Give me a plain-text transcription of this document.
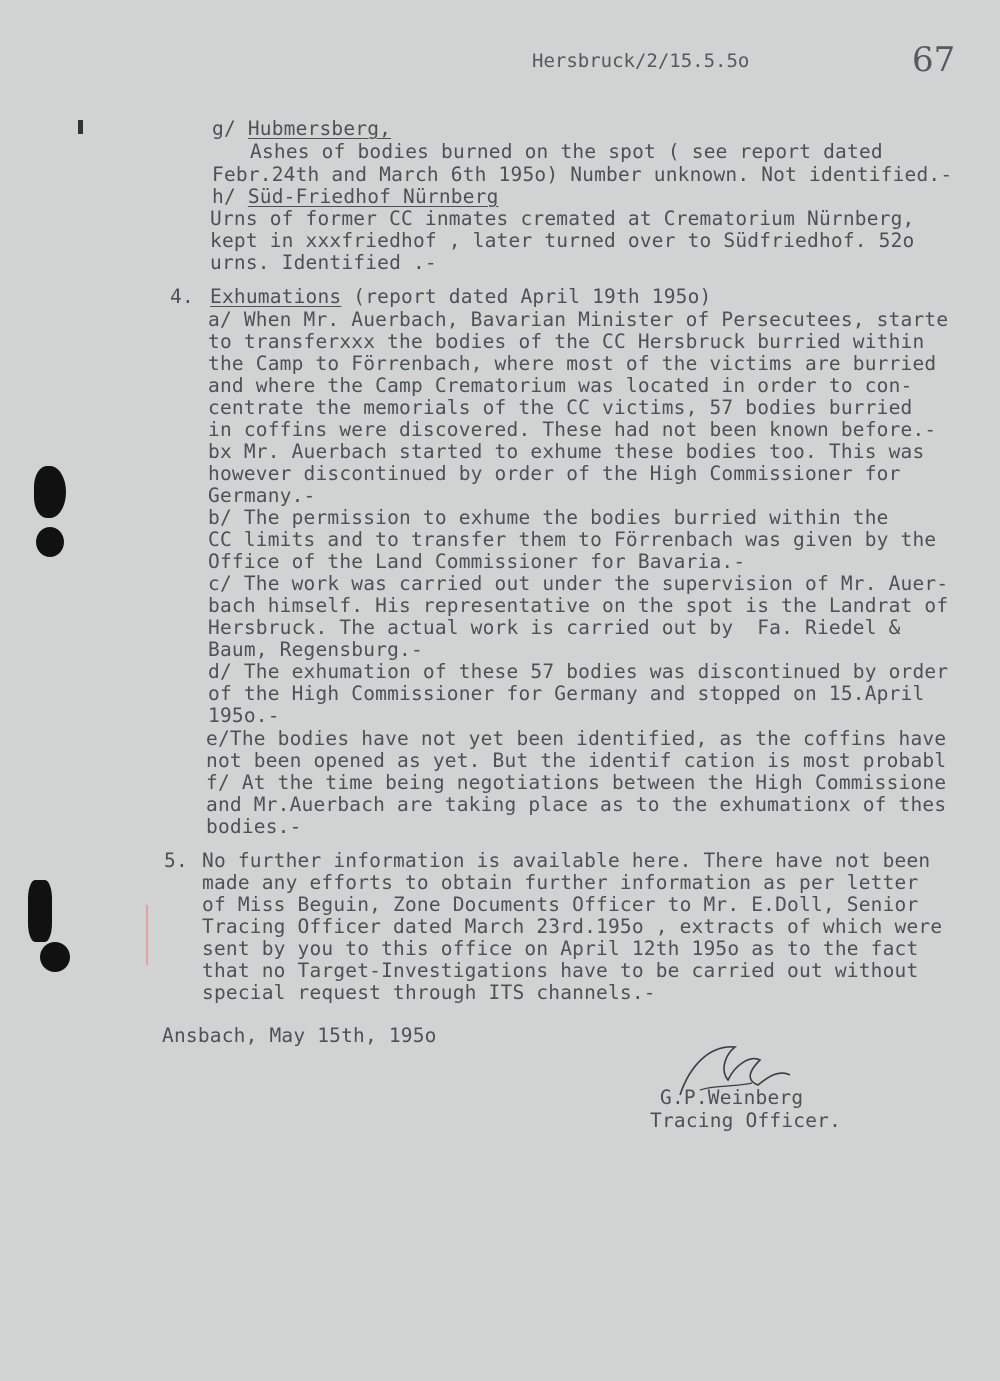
Hersbruck/2/15.5.5o	67
g/ Hubmersberg,
Ashes of bodies burned on the spot ( see report dated
Febr.24th and March 6th 195o) Number unknown. Not identified.-
h/ Süd-Friedhof Nürnberg
Urns of former CC inmates cremated at Crematorium Nürnberg,
kept in xxxfriedhof , later turned over to Südfriedhof. 52o
urns. Identified .-
4. Exhumations (report dated April 19th 195o)
a/ When Mr. Auerbach, Bavarian Minister of Persecutees, starte
to transferxxx the bodies of the CC Hersbruck burried within
the Camp to Förrenbach, where most of the victims are burried
and where the Camp Crematorium was located in order to con-
centrate the memorials of the CC victims, 57 bodies burried
in coffins were discovered. These had not been known before.-
bx Mr. Auerbach started to exhume these bodies too. This was
however discontinued by order of the High Commissioner for
Germany.-
b/ The permission to exhume the bodies burried within the
CC limits and to transfer them to Förrenbach was given by the
Office of the Land Commissioner for Bavaria.-
c/ The work was carried out under the supervision of Mr. Auer-
bach himself. His representative on the spot is the Landrat of
Hersbruck. The actual work is carried out by  Fa. Riedel &
Baum, Regensburg.-
d/ The exhumation of these 57 bodies was discontinued by order
of the High Commissioner for Germany and stopped on 15.April
195o.-
e/The bodies have not yet been identified, as the coffins have
not been opened as yet. But the identif cation is most probabl
f/ At the time being negotiations between the High Commissione
and Mr.Auerbach are taking place as to the exhumationx of thes
bodies.-
5. No further information is available here. There have not been
made any efforts to obtain further information as per letter
of Miss Beguin, Zone Documents Officer to Mr. E.Doll, Senior
Tracing Officer dated March 23rd.195o , extracts of which were
sent by you to this office on April 12th 195o as to the fact
that no Target-Investigations have to be carried out without
special request through ITS channels.-
Ansbach, May 15th, 195o
G.P.Weinberg
Tracing Officer.
